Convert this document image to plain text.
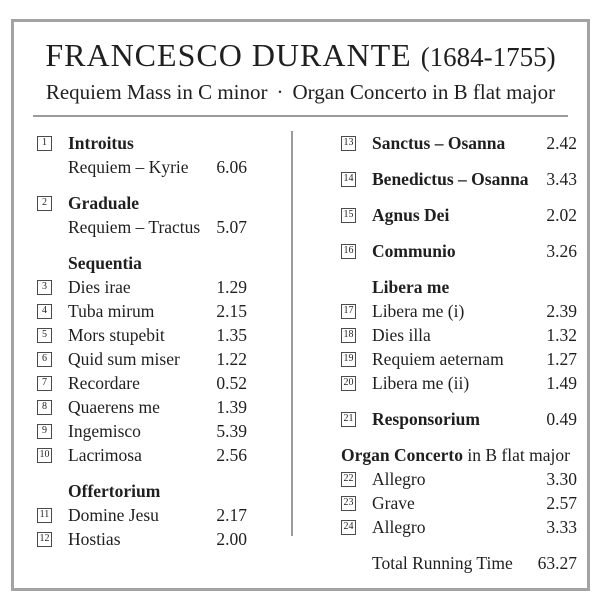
FRANCESCO DURANTE (1684-1755)
Requiem Mass in C minor · Organ Concerto in B flat major
1 Introitus
Requiem – Kyrie 6.06
2 Graduale
Requiem – Tractus 5.07
Sequentia
3 Dies irae	1.29
4 Tuba mirum	2.15
5 Mors stupebit	1.35
6 Quid sum miser 1.22
7 Recordare	0.52
8 Quaerens me	1.39
9 Ingemisco	5.39
10 Lacrimosa	2.56
Offertorium
11 Domine Jesu	2.17
12 Hostias	2.00
13 Sanctus – Osanna 2.42
14 Benedictus – Osanna 3.43
15 Agnus Dei	2.02
16 Communio	3.26
Libera me
17 Libera me (i)	2.39
18 Dies illa	1.32
19 Requiem aeternam 1.27
20 Libera me (ii)	1.49
21 Responsorium	0.49
Organ Concerto in B flat major
22 Allegro	3.30
23 Grave	2.57
24 Allegro	3.33
Total Running Time 63.27
